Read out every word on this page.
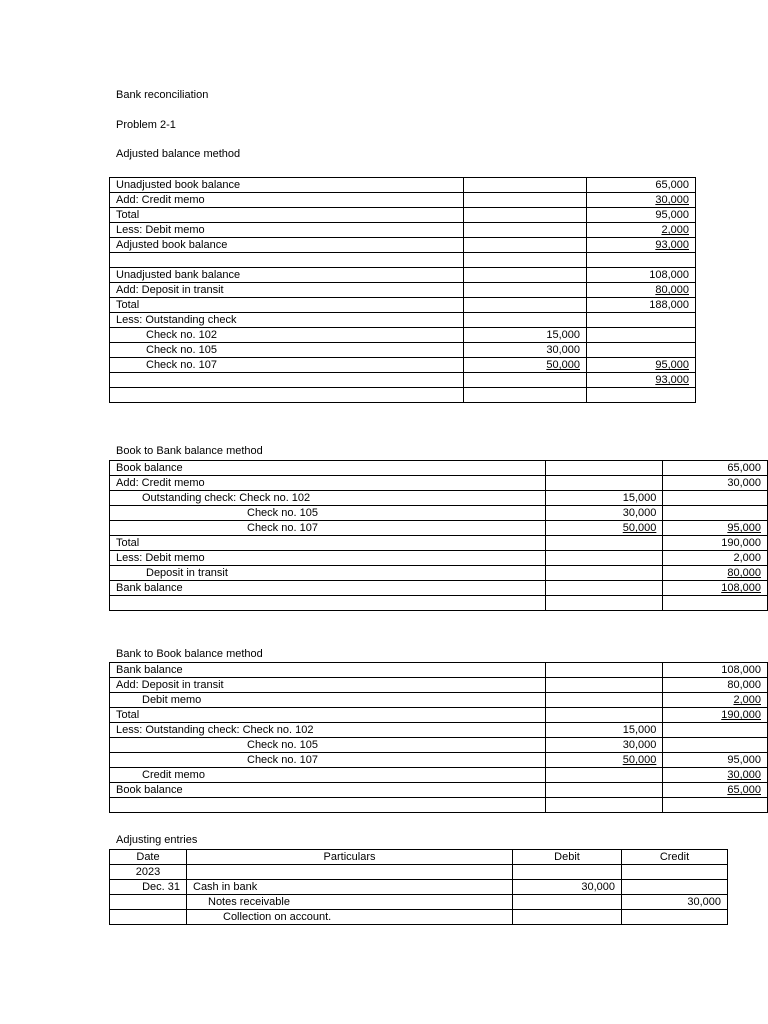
Bank reconciliation
Problem 2-1
Adjusted balance method
Unadjusted book balance		65,000
Add: Credit memo		30,000
Total		95,000
Less: Debit memo		2,000
Adjusted book balance		93,000

Unadjusted bank balance		108,000
Add: Deposit in transit		80,000
Total		188,000
Less: Outstanding check		
Check no. 102	15,000	
Check no. 105	30,000	
Check no. 107	50,000	95,000
		93,000

Book to Bank balance method
Book balance		65,000
Add: Credit memo		30,000
Outstanding check: Check no. 102	15,000	
Check no. 105	30,000	
Check no. 107	50,000	95,000
Total		190,000
Less: Debit memo		2,000
Deposit in transit		80,000
Bank balance		108,000

Bank to Book balance method
Bank balance		108,000
Add: Deposit in transit		80,000
Debit memo		2,000
Total		190,000
Less: Outstanding check: Check no. 102	15,000	
Check no. 105	30,000	
Check no. 107	50,000	95,000
Credit memo		30,000
Book balance		65,000

Adjusting entries
Date	Particulars	Debit	Credit
2023			
Dec. 31	Cash in bank	30,000	
	Notes receivable		30,000
	Collection on account.		
